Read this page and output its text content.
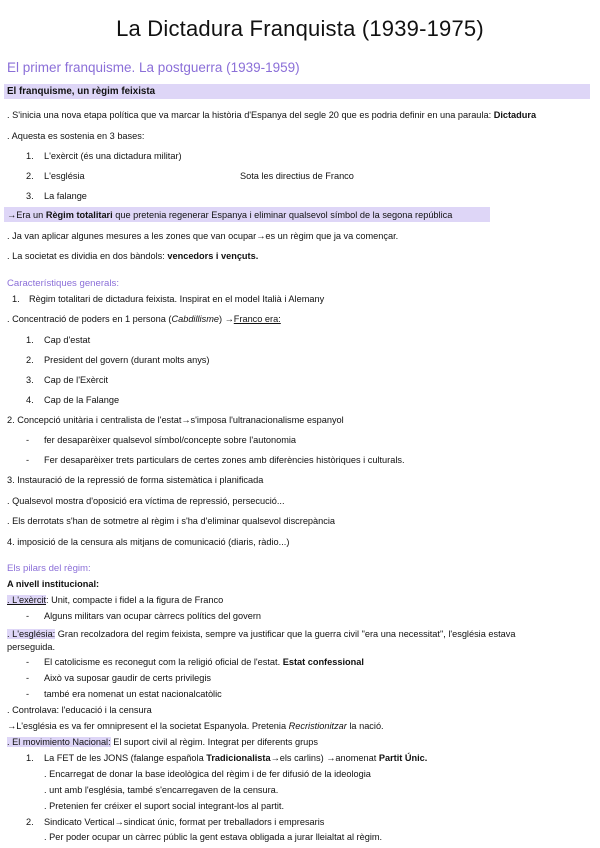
La Dictadura Franquista (1939-1975)
El primer franquisme. La postguerra (1939-1959)
El franquisme, un règim feixista
. S'inicia una nova etapa política que va marcar la història d'Espanya del segle 20 que es podria definir en una paraula: Dictadura
. Aquesta es sostenia en 3 bases:
1. L'exèrcit (és una dictadura militar)
2. L'església	Sota les directius de Franco
3. La falange
→Era un Règim totalitari que pretenia regenerar Espanya i eliminar qualsevol símbol de la segona república
. Ja van aplicar algunes mesures a les zones que van ocupar→es un règim que ja va començar.
. La societat es dividia en dos bàndols: vencedors i vençuts.
Característiques generals:
1. Règim totalitari de dictadura feixista. Inspirat en el model Italià i Alemany
. Concentració de poders en 1 persona (Cabdillisme) →Franco era:
1. Cap d'estat
2. President del govern (durant molts anys)
3. Cap de l'Exèrcit
4. Cap de la Falange
2. Concepció unitària i centralista de l'estat→s'imposa l'ultranacionalisme espanyol
- fer desaparèixer qualsevol símbol/concepte sobre l'autonomia
- Fer desaparèixer trets particulars de certes zones amb diferències històriques i culturals.
3. Instauració de la repressió de forma sistemàtica i planificada
. Qualsevol mostra d'oposició era víctima de repressió, persecució...
. Els derrotats s'han de sotmetre al règim i s'ha d'eliminar qualsevol discrepància
4. imposició de la censura als mitjans de comunicació (diaris, ràdio...)
Els pilars del règim:
A nivell institucional:
. L'exèrcit: Unit, compacte i fidel a la figura de Franco
- Alguns militars van ocupar càrrecs polítics del govern
. L'església: Gran recolzadora del regim feixista, sempre va justificar que la guerra civil "era una necessitat", l'església estava
perseguida.
- El catolicisme es reconegut com la religió oficial de l'estat. Estat confessional
- Això va suposar gaudir de certs privilegis
- també era nomenat un estat nacionalcatòlic
. Controlava: l'educació i la censura
→L'església es va fer omnipresent el la societat Espanyola. Pretenia Recristionitzar la nació.
. El movimiento Nacional: El suport civil al règim. Integrat per diferents grups
1. La FET de les JONS (falange española Tradicionalista→els carlins) →anomenat Partit Únic.
. Encarregat de donar la base ideològica del règim i de fer difusió de la ideologia
. unt amb l'església, també s'encarregaven de la censura.
. Pretenien fer créixer el suport social integrant-los al partit.
2. Sindicato Vertical→sindicat únic, format per treballadors i empresaris
. Per poder ocupar un càrrec públic la gent estava obligada a jurar lleialtat al règim.
